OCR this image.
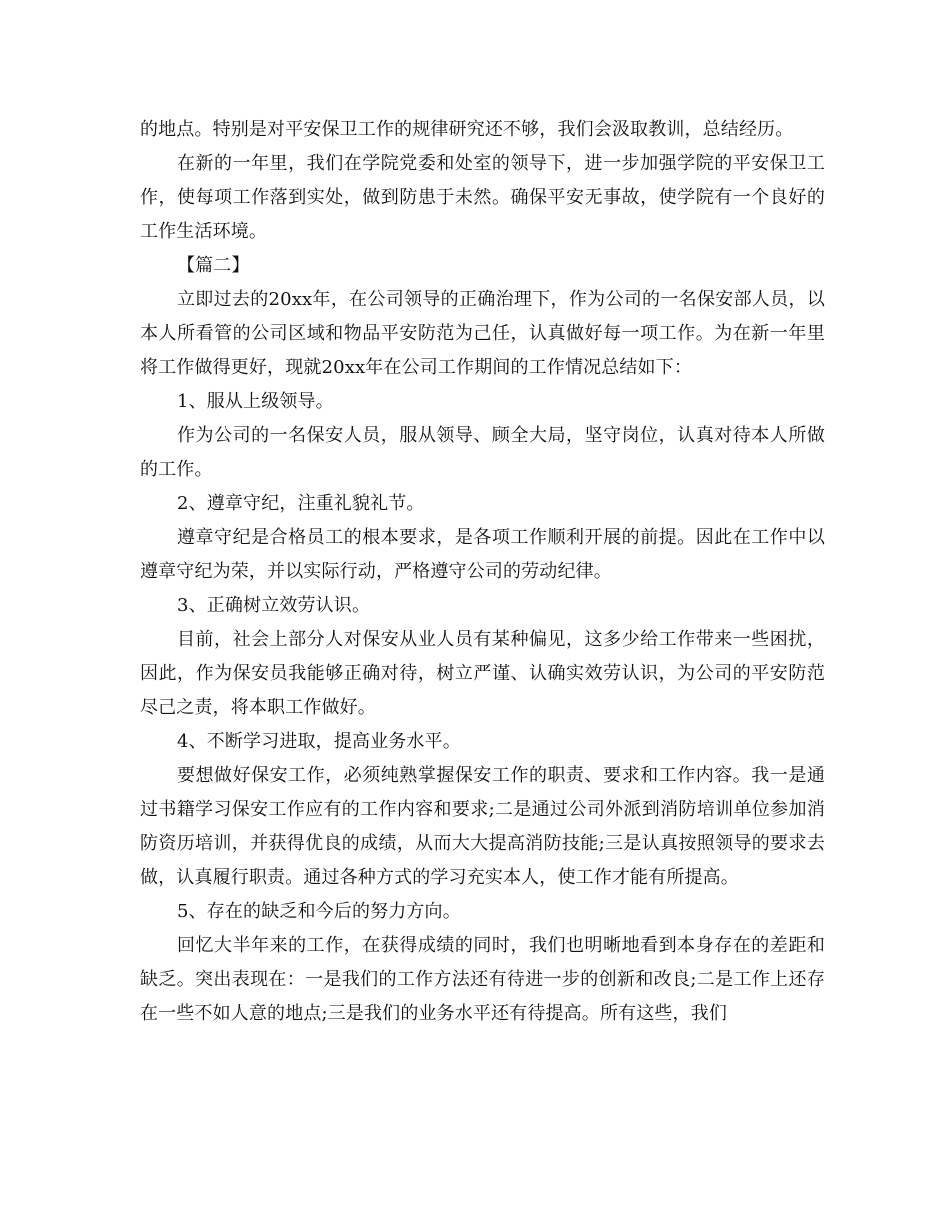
的地点。特别是对平安保卫工作的规律研究还不够，我们会汲取教训，总结经历。

在新的一年里，我们在学院党委和处室的领导下，进一步加强学院的平安保卫工作，使每项工作落到实处，做到防患于未然。确保平安无事故，使学院有一个良好的工作生活环境。

【篇二】

立即过去的20xx年，在公司领导的正确治理下，作为公司的一名保安部人员，以本人所看管的公司区域和物品平安防范为己任，认真做好每一项工作。为在新一年里将工作做得更好，现就20xx年在公司工作期间的工作情况总结如下：

1、服从上级领导。

作为公司的一名保安人员，服从领导、顾全大局，坚守岗位，认真对待本人所做的工作。

2、遵章守纪，注重礼貌礼节。

遵章守纪是合格员工的根本要求，是各项工作顺利开展的前提。因此在工作中以遵章守纪为荣，并以实际行动，严格遵守公司的劳动纪律。

3、正确树立效劳认识。

目前，社会上部分人对保安从业人员有某种偏见，这多少给工作带来一些困扰，因此，作为保安员我能够正确对待，树立严谨、认确实效劳认识，为公司的平安防范尽己之责，将本职工作做好。

4、不断学习进取，提高业务水平。

要想做好保安工作，必须纯熟掌握保安工作的职责、要求和工作内容。我一是通过书籍学习保安工作应有的工作内容和要求;二是通过公司外派到消防培训单位参加消防资历培训，并获得优良的成绩，从而大大提高消防技能;三是认真按照领导的要求去做，认真履行职责。通过各种方式的学习充实本人，使工作才能有所提高。

5、存在的缺乏和今后的努力方向。

回忆大半年来的工作，在获得成绩的同时，我们也明晰地看到本身存在的差距和缺乏。突出表现在：一是我们的工作方法还有待进一步的创新和改良;二是工作上还存在一些不如人意的地点;三是我们的业务水平还有待提高。所有这些，我们
